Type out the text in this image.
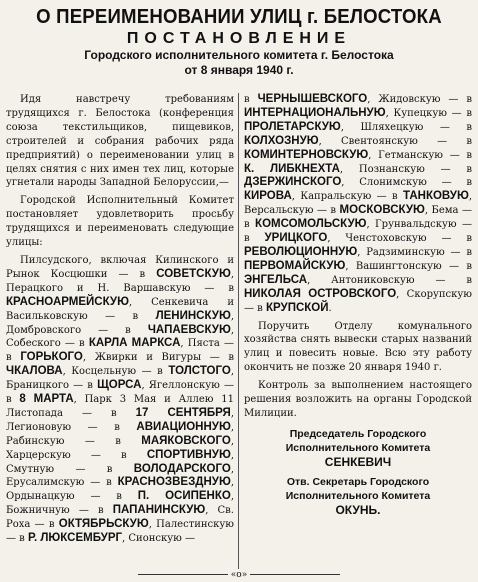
О ПЕРЕИМЕНОВАНИИ УЛИЦ г. БЕЛОСТОКА
ПОСТАНОВЛЕНИЕ
Городского исполнительного комитета г. Белостока
от 8 января 1940 г.

Идя навстречу требованиям трудящихся г. Белостока (конференция союза текстильщиков, пищевиков, строителей и собрания рабочих ряда предприятий) о переименовании улиц в целях снятия с них имен тех лиц, которые угнетали народы Западной Белоруссии,—

Городской Исполнительный Комитет постановляет удовлетворить просьбу трудящихся и переименовать следующие улицы:

Пилсудского, включая Килинского и Рынок Косцюшки — в СОВЕТСКУЮ, Перацкого и Н. Варшавскую — в КРАСНОАРМЕЙСКУЮ, Сенкевича и Васильковскую — в ЛЕНИНСКУЮ, Домбровского — в ЧАПАЕВСКУЮ, Собеского — в КАРЛА МАРКСА, Пяста — в ГОРЬКОГО, Жвирки и Вигуры — в ЧКАЛОВА, Косцельную — в ТОЛСТОГО, Браницкого — в ЩОРСА, Ягеллонскую — в 8 МАРТА, Парк 3 Мая и Аллею 11 Листопада — в 17 СЕНТЯБРЯ, Легионовую — в АВИАЦИОННУЮ, Рабинскую — в МАЯКОВСКОГО, Харцерскую — в СПОРТИВНУЮ, Смутную — в ВОЛОДАРСКОГО, Ерусалимскую — в КРАСНОЗВЕЗДНУЮ, Ордынацкую — в П. ОСИПЕНКО, Божничную — в ПАПАНИНСКУЮ, Св. Роха — в ОКТЯБРЬСКУЮ, Палестинскую — в Р. ЛЮКСЕМБУРГ, Сионскую —

в ЧЕРНЫШЕВСКОГО, Жидовскую — в ИНТЕРНАЦИОНАЛЬНУЮ, Купецкую — в ПРОЛЕТАРСКУЮ, Шляхецкую — в КОЛХОЗНУЮ, Свентоянскую — в КОМИНТЕРНОВСКУЮ, Гетманскую — в К. ЛИБКНЕХТА, Познанскую — в ДЗЕРЖИНСКОГО, Слонимскую — в КИРОВА, Капральскую — в ТАНКОВУЮ, Версальскую — в МОСКОВСКУЮ, Бема — в КОМСОМОЛЬСКУЮ, Грунвальдскую — в УРИЦКОГО, Ченстоховскую — в РЕВОЛЮЦИОННУЮ, Радзиминскую — в ПЕРВОМАЙСКУЮ, Вашингтонскую — в ЭНГЕЛЬСА, Антониковскую — в НИКОЛАЯ ОСТРОВСКОГО, Скорупскую — в КРУПСКОЙ.

Поручить Отделу комунального хозяйства снять вывески старых названий улиц и повесить новые. Всю эту работу окончить не позже 20 января 1940 г.

Контроль за выполнением настоящего решения возложить на органы Городской Милиции.

Председатель Городского Исполнительного Комитета
СЕНКЕВИЧ
Отв. Секретарь Городского Исполнительного Комитета
ОКУНЬ.
«о»
